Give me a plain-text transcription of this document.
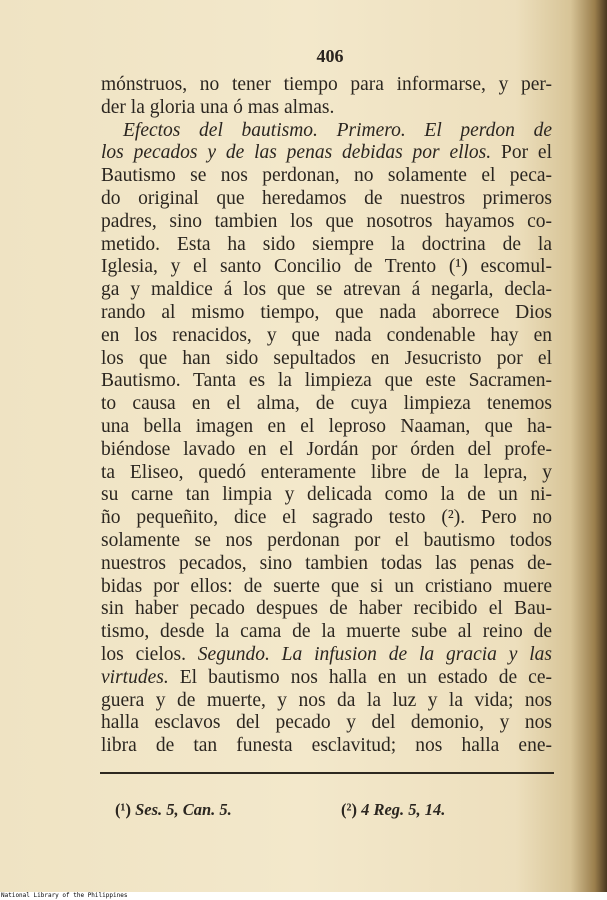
406
mónstruos, no tener tiempo para informarse, y per-
der la gloria una ó mas almas.
Efectos del bautismo. Primero. El perdon de
los pecados y de las penas debidas por ellos. Por el
Bautismo se nos perdonan, no solamente el peca-
do original que heredamos de nuestros primeros
padres, sino tambien los que nosotros hayamos co-
metido. Esta ha sido siempre la doctrina de la
Iglesia, y el santo Concilio de Trento (¹) escomul-
ga y maldice á los que se atrevan á negarla, decla-
rando al mismo tiempo, que nada aborrece Dios
en los renacidos, y que nada condenable hay en
los que han sido sepultados en Jesucristo por el
Bautismo. Tanta es la limpieza que este Sacramen-
to causa en el alma, de cuya limpieza tenemos
una bella imagen en el leproso Naaman, que ha-
biéndose lavado en el Jordán por órden del profe-
ta Eliseo, quedó enteramente libre de la lepra, y
su carne tan limpia y delicada como la de un ni-
ño pequeñito, dice el sagrado testo (²). Pero no
solamente se nos perdonan por el bautismo todos
nuestros pecados, sino tambien todas las penas de-
bidas por ellos: de suerte que si un cristiano muere
sin haber pecado despues de haber recibido el Bau-
tismo, desde la cama de la muerte sube al reino de
los cielos. Segundo. La infusion de la gracia y las
virtudes. El bautismo nos halla en un estado de ce-
guera y de muerte, y nos da la luz y la vida; nos
halla esclavos del pecado y del demonio, y nos
libra de tan funesta esclavitud; nos halla ene-
(¹) Ses. 5, Can. 5.	(²) 4 Reg. 5, 14.
National Library of the Philippines
